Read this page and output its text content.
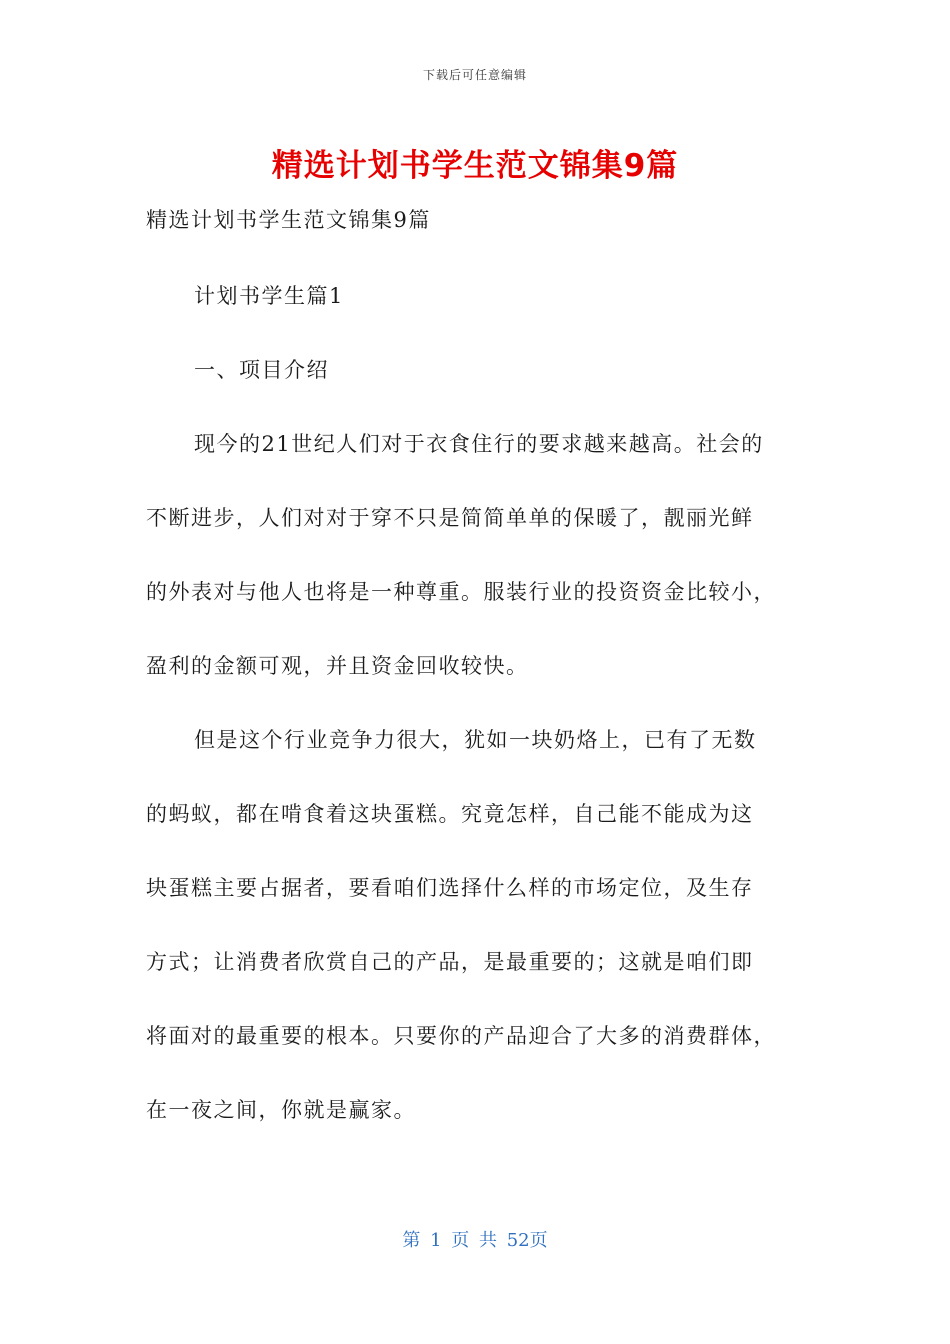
下载后可任意编辑
精选计划书学生范文锦集9篇
精选计划书学生范文锦集9篇
计划书学生篇1
一、项目介绍
现今的21世纪人们对于衣食住行的要求越来越高。社会的
不断进步，人们对对于穿不只是简简单单的保暖了，靓丽光鲜
的外表对与他人也将是一种尊重。服装行业的投资资金比较小，
盈利的金额可观，并且资金回收较快。
但是这个行业竞争力很大，犹如一块奶烙上，已有了无数
的蚂蚁，都在啃食着这块蛋糕。究竟怎样，自己能不能成为这
块蛋糕主要占据者，要看咱们选择什么样的市场定位，及生存
方式；让消费者欣赏自己的产品，是最重要的；这就是咱们即
将面对的最重要的根本。只要你的产品迎合了大多的消费群体，
在一夜之间，你就是赢家。
第 1 页 共 52页
